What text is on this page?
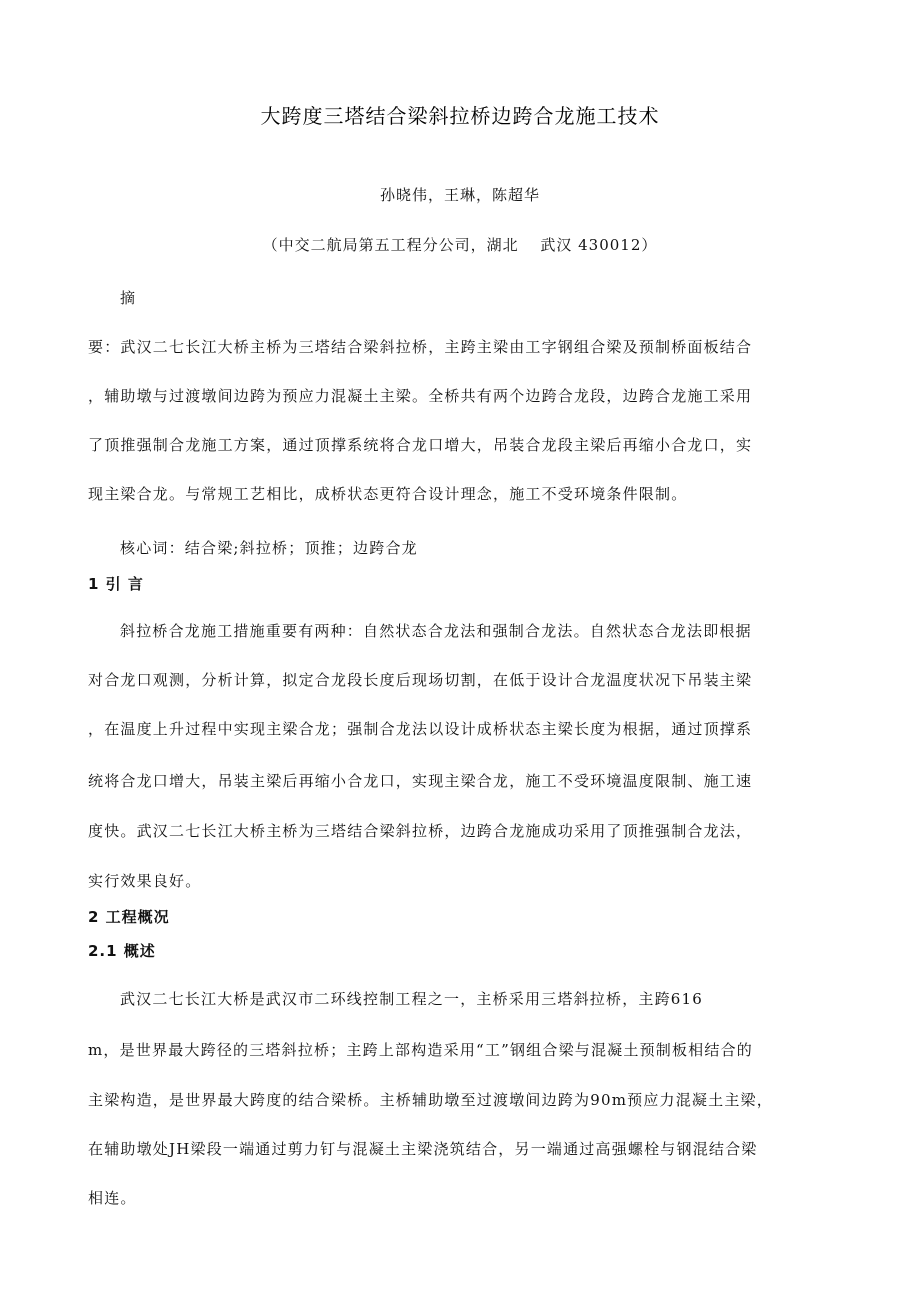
大跨度三塔结合梁斜拉桥边跨合龙施工技术
孙晓伟，王琳，陈超华
（中交二航局第五工程分公司，湖北　 武汉 430012）
摘
要：武汉二七长江大桥主桥为三塔结合梁斜拉桥，主跨主梁由工字钢组合梁及预制桥面板结合
，辅助墩与过渡墩间边跨为预应力混凝土主梁。全桥共有两个边跨合龙段，边跨合龙施工采用
了顶推强制合龙施工方案，通过顶撑系统将合龙口增大，吊装合龙段主梁后再缩小合龙口，实
现主梁合龙。与常规工艺相比，成桥状态更符合设计理念，施工不受环境条件限制。
核心词：结合梁;斜拉桥；顶推；边跨合龙
1 引 言
斜拉桥合龙施工措施重要有两种：自然状态合龙法和强制合龙法。自然状态合龙法即根据
对合龙口观测，分析计算，拟定合龙段长度后现场切割，在低于设计合龙温度状况下吊装主梁
，在温度上升过程中实现主梁合龙；强制合龙法以设计成桥状态主梁长度为根据，通过顶撑系
统将合龙口增大，吊装主梁后再缩小合龙口，实现主梁合龙，施工不受环境温度限制、施工速
度快。武汉二七长江大桥主桥为三塔结合梁斜拉桥，边跨合龙施成功采用了顶推强制合龙法，
实行效果良好。
2 工程概况
2.1 概述
武汉二七长江大桥是武汉市二环线控制工程之一，主桥采用三塔斜拉桥，主跨616
m，是世界最大跨径的三塔斜拉桥；主跨上部构造采用“工”钢组合梁与混凝土预制板相结合的
主梁构造，是世界最大跨度的结合梁桥。主桥辅助墩至过渡墩间边跨为90m预应力混凝土主梁，
在辅助墩处JH梁段一端通过剪力钉与混凝土主梁浇筑结合，另一端通过高强螺栓与钢混结合梁
相连。
